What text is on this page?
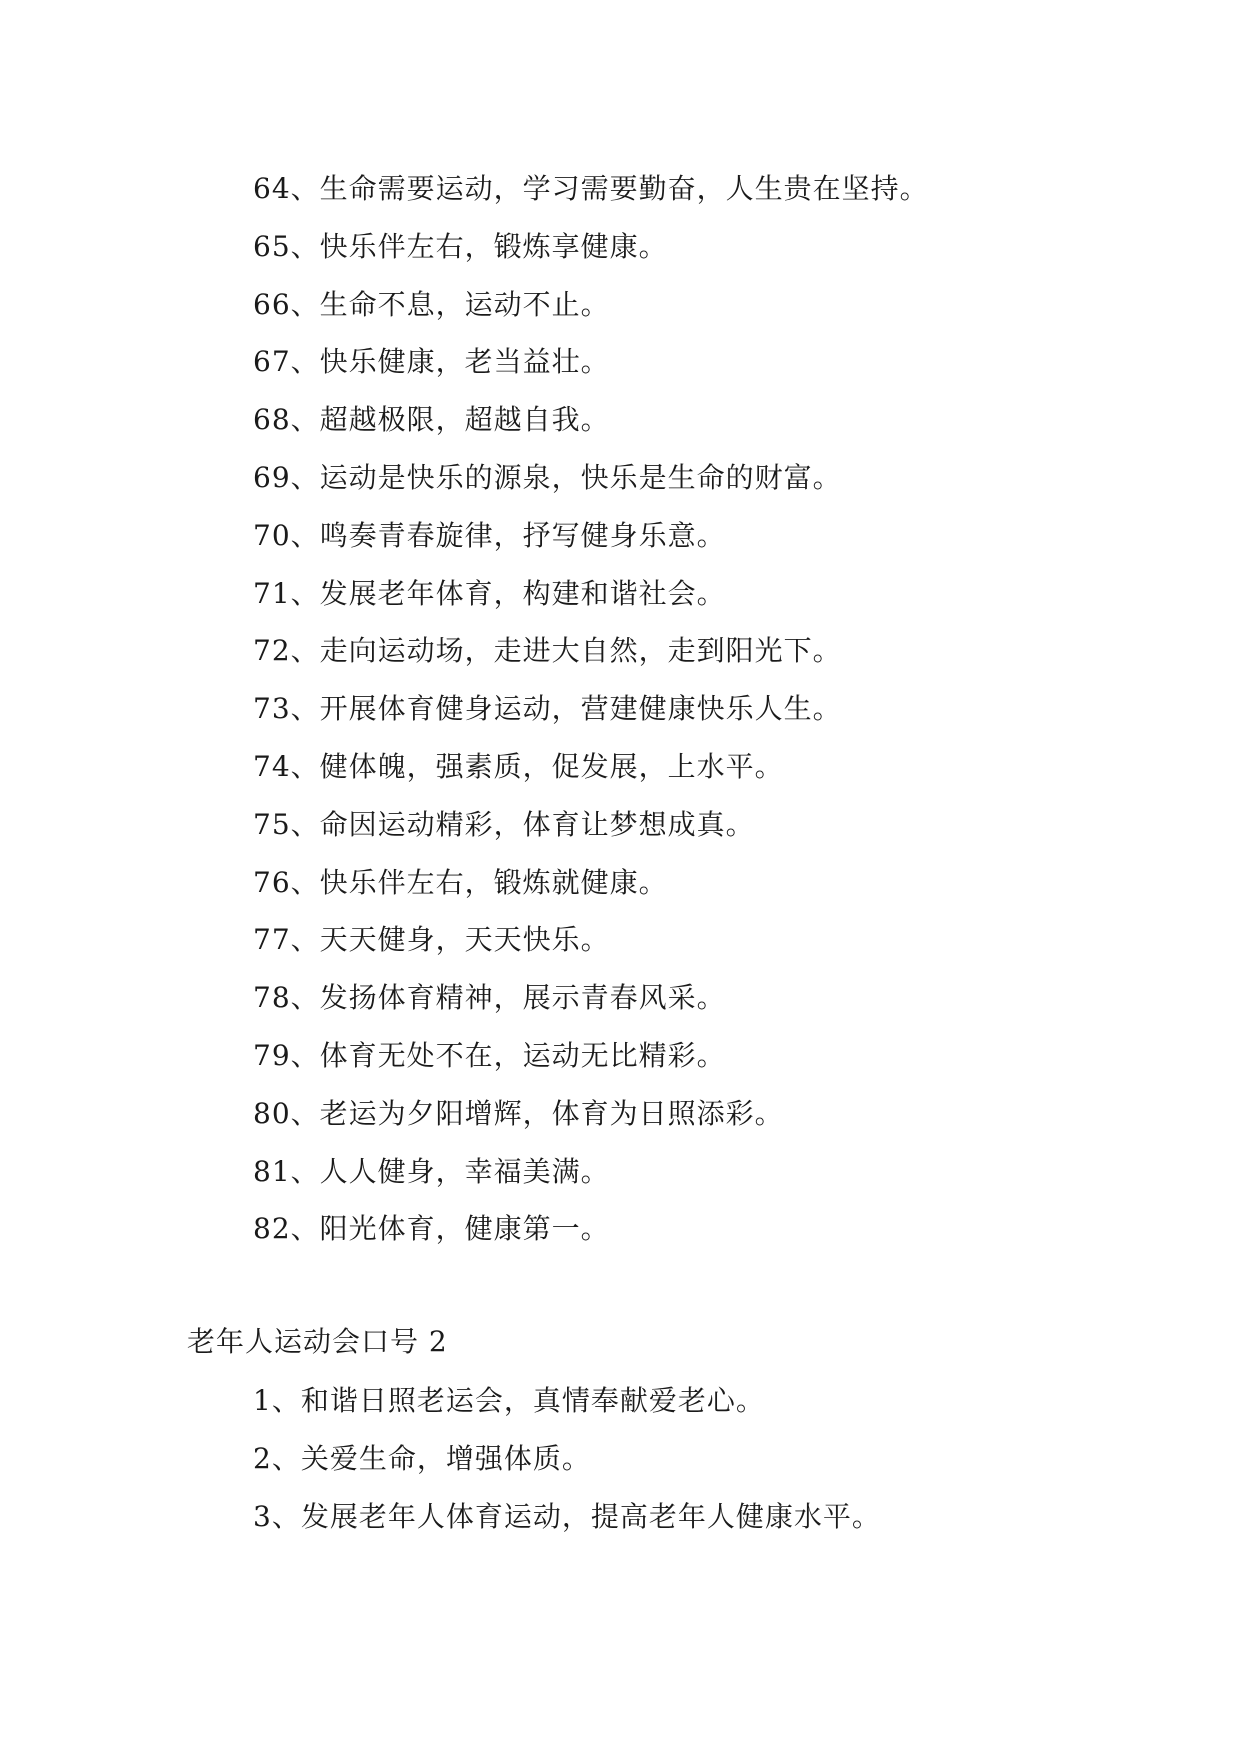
64、生命需要运动，学习需要勤奋，人生贵在坚持。
65、快乐伴左右，锻炼享健康。
66、生命不息，运动不止。
67、快乐健康，老当益壮。
68、超越极限，超越自我。
69、运动是快乐的源泉，快乐是生命的财富。
70、鸣奏青春旋律，抒写健身乐意。
71、发展老年体育，构建和谐社会。
72、走向运动场，走进大自然，走到阳光下。
73、开展体育健身运动，营建健康快乐人生。
74、健体魄，强素质，促发展，上水平。
75、命因运动精彩，体育让梦想成真。
76、快乐伴左右，锻炼就健康。
77、天天健身，天天快乐。
78、发扬体育精神，展示青春风采。
79、体育无处不在，运动无比精彩。
80、老运为夕阳增辉，体育为日照添彩。
81、人人健身，幸福美满。
82、阳光体育，健康第一。
老年人运动会口号 2
1、和谐日照老运会，真情奉献爱老心。
2、关爱生命，增强体质。
3、发展老年人体育运动，提高老年人健康水平。
